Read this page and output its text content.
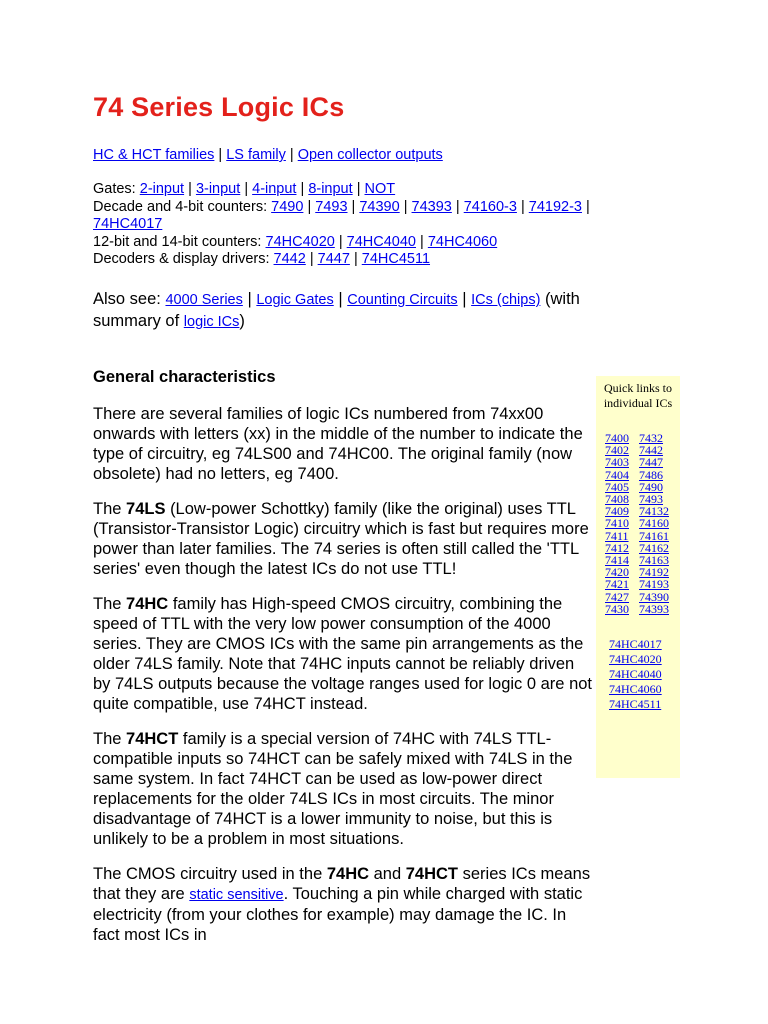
74 Series Logic ICs
HC & HCT families | LS family | Open collector outputs
Gates: 2-input | 3-input | 4-input | 8-input | NOT
Decade and 4-bit counters: 7490 | 7493 | 74390 | 74393 | 74160-3 | 74192-3 | 74HC4017
12-bit and 14-bit counters: 74HC4020 | 74HC4040 | 74HC4060
Decoders & display drivers: 7442 | 7447 | 74HC4511
Also see: 4000 Series | Logic Gates | Counting Circuits | ICs (chips) (with summary of logic ICs)
General characteristics

There are several families of logic ICs numbered from 74xx00 onwards with letters (xx) in the middle of the number to indicate the type of circuitry, eg 74LS00 and 74HC00. The original family (now obsolete) had no letters, eg 7400.

The 74LS (Low-power Schottky) family (like the original) uses TTL (Transistor-Transistor Logic) circuitry which is fast but requires more power than later families. The 74 series is often still called the 'TTL series' even though the latest ICs do not use TTL!

The 74HC family has High-speed CMOS circuitry, combining the speed of TTL with the very low power consumption of the 4000 series. They are CMOS ICs with the same pin arrangements as the older 74LS family. Note that 74HC inputs cannot be reliably driven by 74LS outputs because the voltage ranges used for logic 0 are not quite compatible, use 74HCT instead.

The 74HCT family is a special version of 74HC with 74LS TTL-compatible inputs so 74HCT can be safely mixed with 74LS in the same system. In fact 74HCT can be used as low-power direct replacements for the older 74LS ICs in most circuits. The minor disadvantage of 74HCT is a lower immunity to noise, but this is unlikely to be a problem in most situations.

The CMOS circuitry used in the 74HC and 74HCT series ICs means that they are static sensitive. Touching a pin while charged with static electricity (from your clothes for example) may damage the IC. In fact most ICs in

Quick links to
individual ICs
7400 7432
7402 7442
7403 7447
7404 7486
7405 7490
7408 7493
7409 74132
7410 74160
7411 74161
7412 74162
7414 74163
7420 74192
7421 74193
7427 74390
7430 74393
74HC4017
74HC4020
74HC4040
74HC4060
74HC4511
